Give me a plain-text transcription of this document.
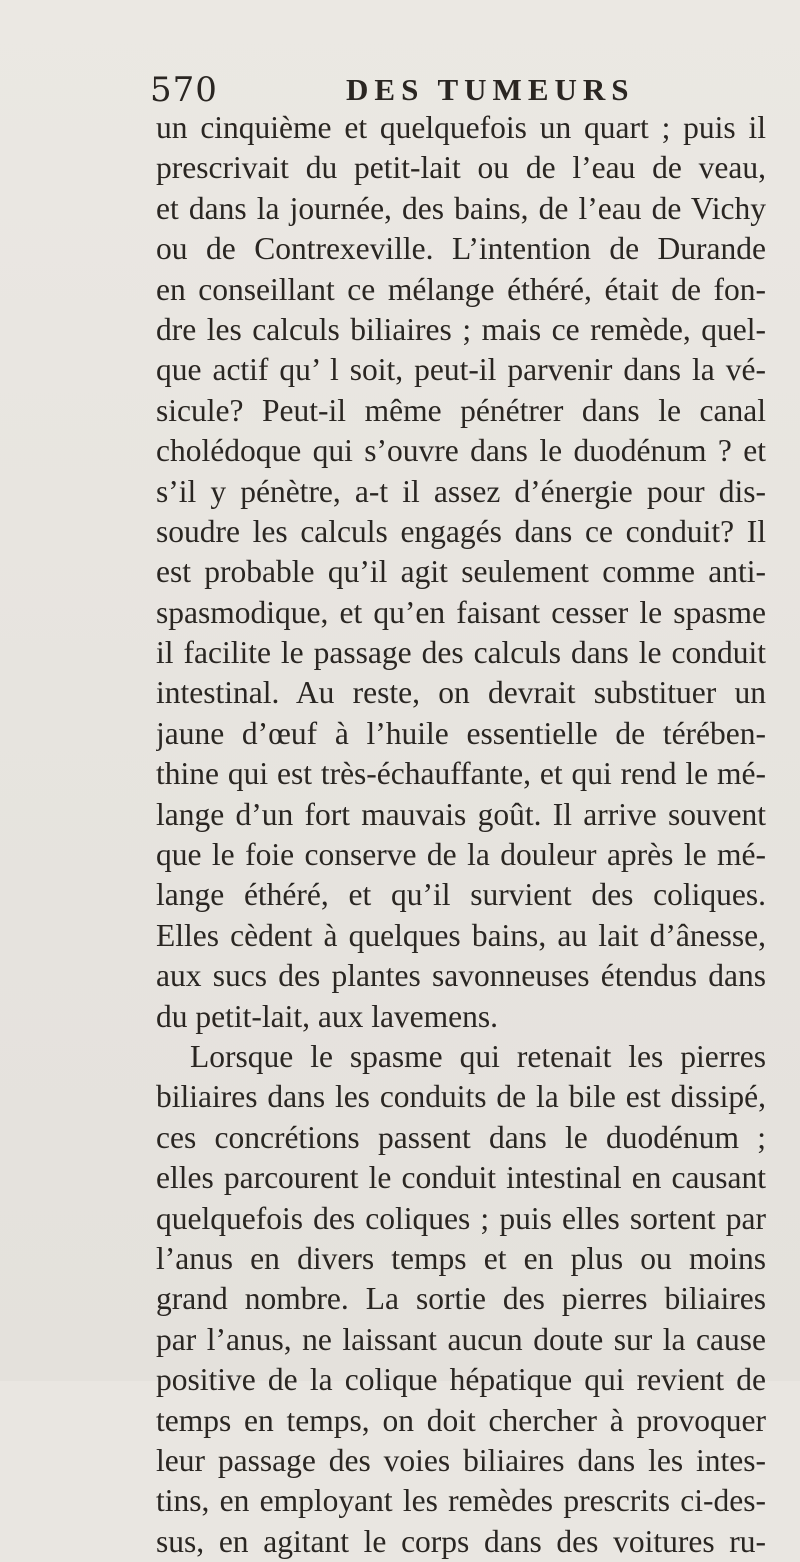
570	DES TUMEURS
un cinquième et quelquefois un quart ; puis il
prescrivait du petit-lait ou de l’eau de veau,
et dans la journée, des bains, de l’eau de Vichy
ou de Contrexeville. L’intention de Durande
en conseillant ce mélange éthéré, était de fon-
dre les calculs biliaires ; mais ce remède, quel-
que actif qu’ l soit, peut-il parvenir dans la vé-
sicule? Peut-il même pénétrer dans le canal
cholédoque qui s’ouvre dans le duodénum ? et
s’il y pénètre, a-t il assez d’énergie pour dis-
soudre les calculs engagés dans ce conduit? Il
est probable qu’il agit seulement comme anti-
spasmodique, et qu’en faisant cesser le spasme
il facilite le passage des calculs dans le conduit
intestinal. Au reste, on devrait substituer un
jaune d’œuf à l’huile essentielle de térében-
thine qui est très-échauffante, et qui rend le mé-
lange d’un fort mauvais goût. Il arrive souvent
que le foie conserve de la douleur après le mé-
lange éthéré, et qu’il survient des coliques.
Elles cèdent à quelques bains, au lait d’ânesse,
aux sucs des plantes savonneuses étendus dans
du petit-lait, aux lavemens.
Lorsque le spasme qui retenait les pierres
biliaires dans les conduits de la bile est dissipé,
ces concrétions passent dans le duodénum ;
elles parcourent le conduit intestinal en causant
quelquefois des coliques ; puis elles sortent par
l’anus en divers temps et en plus ou moins
grand nombre. La sortie des pierres biliaires
par l’anus, ne laissant aucun doute sur la cause
positive de la colique hépatique qui revient de
temps en temps, on doit chercher à provoquer
leur passage des voies biliaires dans les intes-
tins, en employant les remèdes prescrits ci-des-
sus, en agitant le corps dans des voitures ru-
